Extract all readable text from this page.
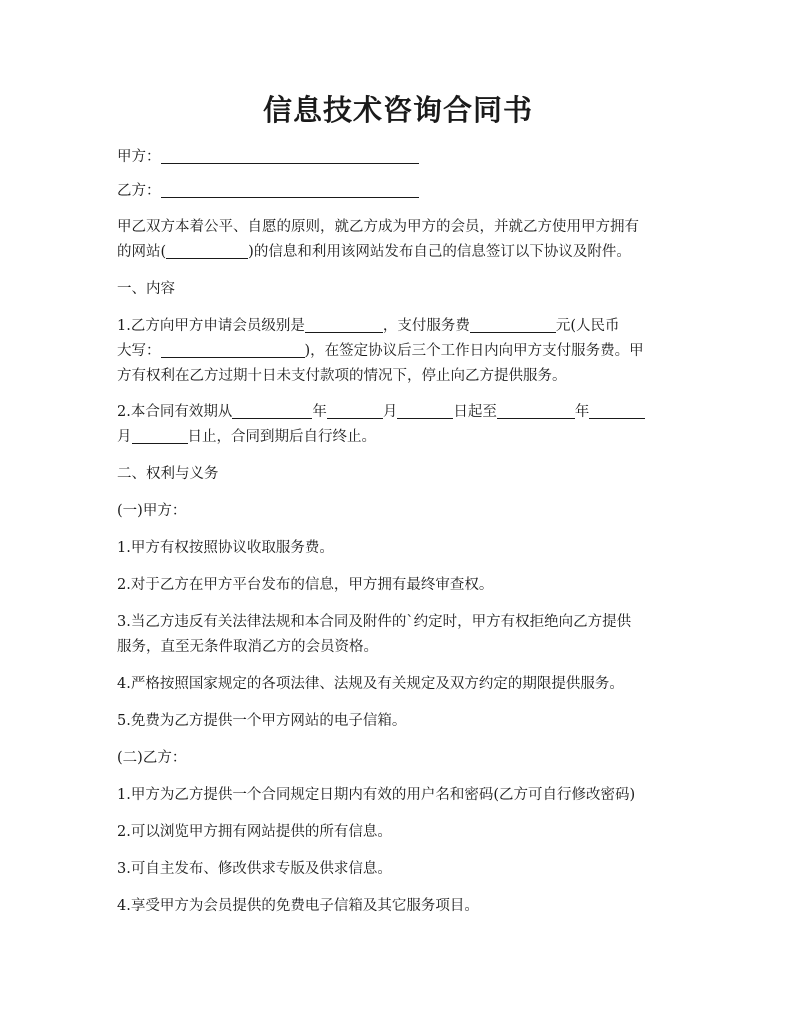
信息技术咨询合同书

甲方：

乙方：

甲乙双方本着公平、自愿的原则，就乙方成为甲方的会员，并就乙方使用甲方拥有

的网站(	)的信息和利用该网站发布自己的信息签订以下协议及附件。

一、内容

1.乙方向甲方申请会员级别是	，支付服务费	元(人民币

大写：	)，在签定协议后三个工作日内向甲方支付服务费。甲

方有权利在乙方过期十日未支付款项的情况下，停止向乙方提供服务。

2.本合同有效期从	年	月	日起至	年

月	日止，合同到期后自行终止。

二、权利与义务

(一)甲方：

1.甲方有权按照协议收取服务费。

2.对于乙方在甲方平台发布的信息，甲方拥有最终审查权。

3.当乙方违反有关法律法规和本合同及附件的`约定时，甲方有权拒绝向乙方提供

服务，直至无条件取消乙方的会员资格。

4.严格按照国家规定的各项法律、法规及有关规定及双方约定的期限提供服务。

5.免费为乙方提供一个甲方网站的电子信箱。

(二)乙方：

1.甲方为乙方提供一个合同规定日期内有效的用户名和密码(乙方可自行修改密码)

2.可以浏览甲方拥有网站提供的所有信息。

3.可自主发布、修改供求专版及供求信息。

4.享受甲方为会员提供的免费电子信箱及其它服务项目。
